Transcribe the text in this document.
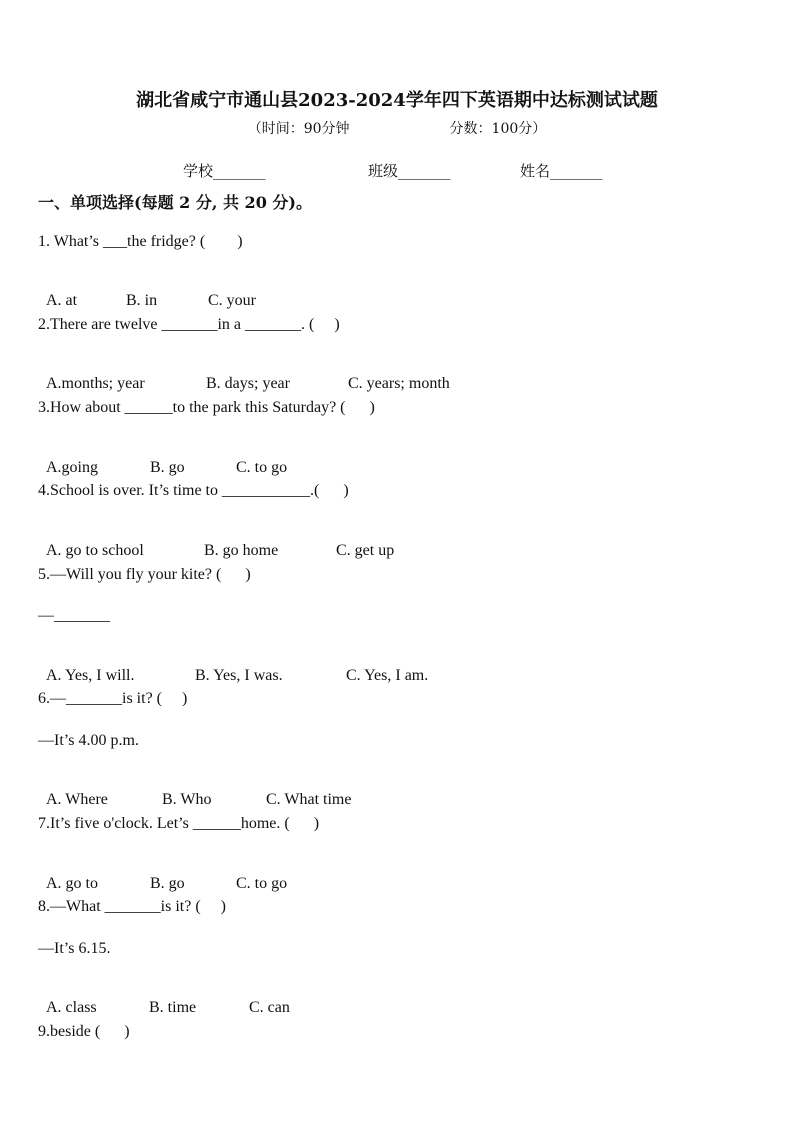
湖北省咸宁市通山县2023-2024学年四下英语期中达标测试试题
（时间：90分钟	分数：100分）
学校_______	班级_______	姓名_______
一、单项选择(每题 2 分, 共 20 分)。
1. What’s ___the fridge? (        )

A. at	B. in	C. your

2.There are twelve _______in a _______. (     )

A.months; year	B. days; year	C. years; month

3.How about ______to the park this Saturday? (      )

A.going	B. go	C. to go

4.School is over. It’s time to ___________.(      )

A. go to school	B. go home	C. get up

5.—Will you fly your kite? (      )
—_______

A. Yes, I will.	B. Yes, I was.	C. Yes, I am.

6.—_______is it? (     )
—It’s 4.00 p.m.

A. Where	B. Who	C. What time

7.It’s five o'clock. Let’s ______home. (      )

A. go to	B. go	C. to go

8.—What _______is it? (     )
—It’s 6.15.

A. class	B. time	C. can

9.beside (      )
